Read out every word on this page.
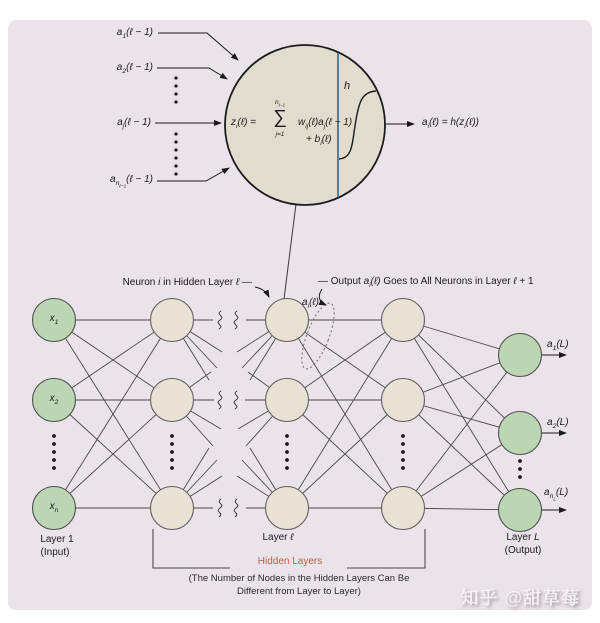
$a_1(\ell - 1)$
$a_2(\ell - 1)$
$a_j(\ell - 1)$
$a_{n_{\ell-1}}(\ell - 1)$
$z_i(\ell)$ =
$n_{\ell-1}$
∑
j=1
$w_{ij}(\ell)a_j(\ell - 1)$
+ $b_i(\ell)$
h
$a_i(\ell)$ = $h(z_i(\ell))$
Neuron i in Hidden Layer ℓ —	— Output $a_i(\ell)$ Goes to All Neurons in Layer ℓ + 1
$a_i(\ell)$
$x_1$
$x_2$
$x_n$
$a_1(L)$
$a_2(L)$
$a_{n_L}(L)$
Layer 1
(Input)
Layer ℓ	Layer L
(Output)
Hidden Layers
(The Number of Nodes in the Hidden Layers Can Be
Different from Layer to Layer)	知乎 @甜草莓
